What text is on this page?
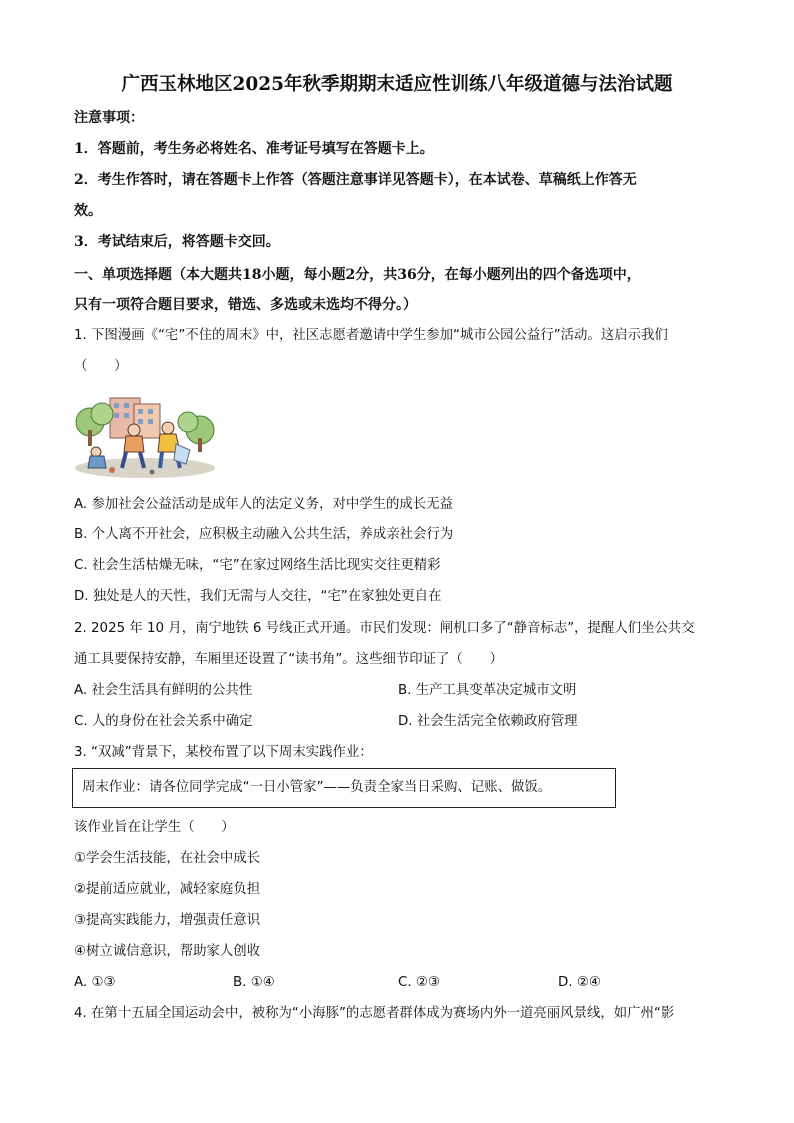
广西玉林地区2025年秋季期期末适应性训练八年级道德与法治试题
注意事项：
1．答题前，考生务必将姓名、准考证号填写在答题卡上。
2．考生作答时，请在答题卡上作答（答题注意事详见答题卡），在本试卷、草稿纸上作答无
效。
3．考试结束后，将答题卡交回。
一、单项选择题（本大题共18小题，每小题2分，共36分，在每小题列出的四个备选项中，
只有一项符合题目要求，错选、多选或未选均不得分。）
1. 下图漫画《“宅”不住的周末》中，社区志愿者邀请中学生参加“城市公园公益行”活动。这启示我们
（　　）
A. 参加社会公益活动是成年人的法定义务，对中学生的成长无益
B. 个人离不开社会，应积极主动融入公共生活，养成亲社会行为
C. 社会生活枯燥无味，“宅”在家过网络生活比现实交往更精彩
D. 独处是人的天性，我们无需与人交往，“宅”在家独处更自在
2. 2025 年 10 月，南宁地铁 6 号线正式开通。市民们发现：闸机口多了“静音标志”，提醒人们坐公共交
通工具要保持安静，车厢里还设置了“读书角”。这些细节印证了（　　）
A. 社会生活具有鲜明的公共性	B. 生产工具变革决定城市文明
C. 人的身份在社会关系中确定	D. 社会生活完全依赖政府管理
3. “双减”背景下，某校布置了以下周末实践作业：
周末作业：请各位同学完成“一日小管家”——负责全家当日采购、记账、做饭。
该作业旨在让学生（　　）
①学会生活技能，在社会中成长
②提前适应就业，减轻家庭负担
③提高实践能力，增强责任意识
④树立诚信意识，帮助家人创收
A. ①③	B. ①④	C. ②③	D. ②④
4. 在第十五届全国运动会中，被称为“小海豚”的志愿者群体成为赛场内外一道亮丽风景线，如广州“影
